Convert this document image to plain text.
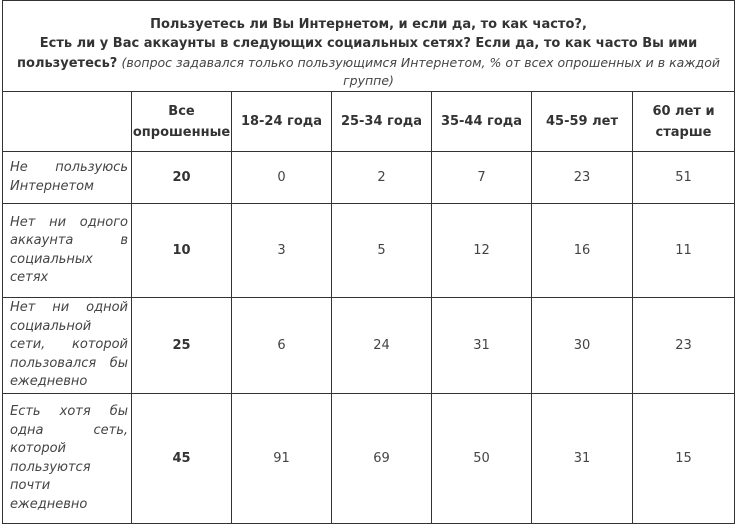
Пользуетесь ли Вы Интернетом, и если да, то как часто?,
Есть ли у Вас аккаунты в следующих социальных сетях? Если да, то как часто Вы ими
пользуетесь? (вопрос задавался только пользующимся Интернетом, % от всех опрошенных и в каждой
группе)						

	Все опрошенные	18-24 года	25-34 года	35-44 года	45-59 лет	60 лет и старше
Не пользуюсь Интернетом	20	0	2	7	23	51
Нет ни одного аккаунта в социальных сетях	10	3	5	12	16	11
Нет ни одной социальной сети, которой пользовался бы ежедневно	25	6	24	31	30	23
Есть хотя бы одна сеть, которой пользуются почти ежедневно	45	91	69	50	31	15
